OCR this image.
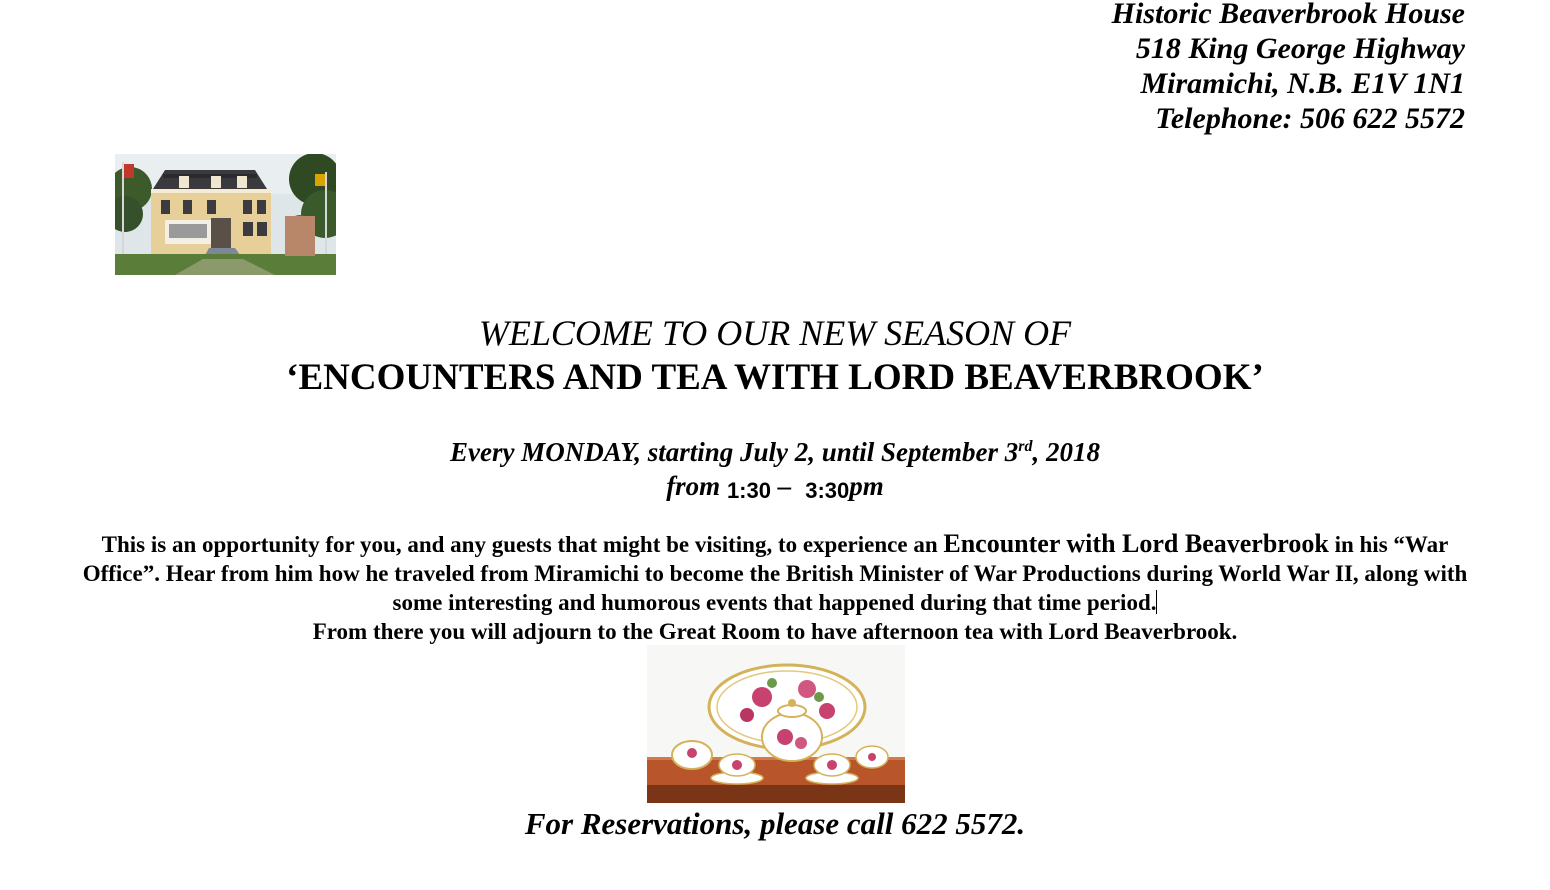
Historic Beaverbrook House
518 King George Highway
Miramichi, N.B. E1V 1N1
Telephone: 506 622 5572
WELCOME TO OUR NEW SEASON OF
‘ENCOUNTERS AND TEA WITH LORD BEAVERBROOK’
Every MONDAY, starting July 2, until September 3rd, 2018
from 1:30 – 3:30pm
This is an opportunity for you, and any guests that might be visiting, to experience an Encounter with Lord Beaverbrook in his “War Office”. Hear from him how he traveled from Miramichi to become the British Minister of War Productions during World War II, along with some interesting and humorous events that happened during that time period.
From there you will adjourn to the Great Room to have afternoon tea with Lord Beaverbrook.
For Reservations, please call 622 5572.
